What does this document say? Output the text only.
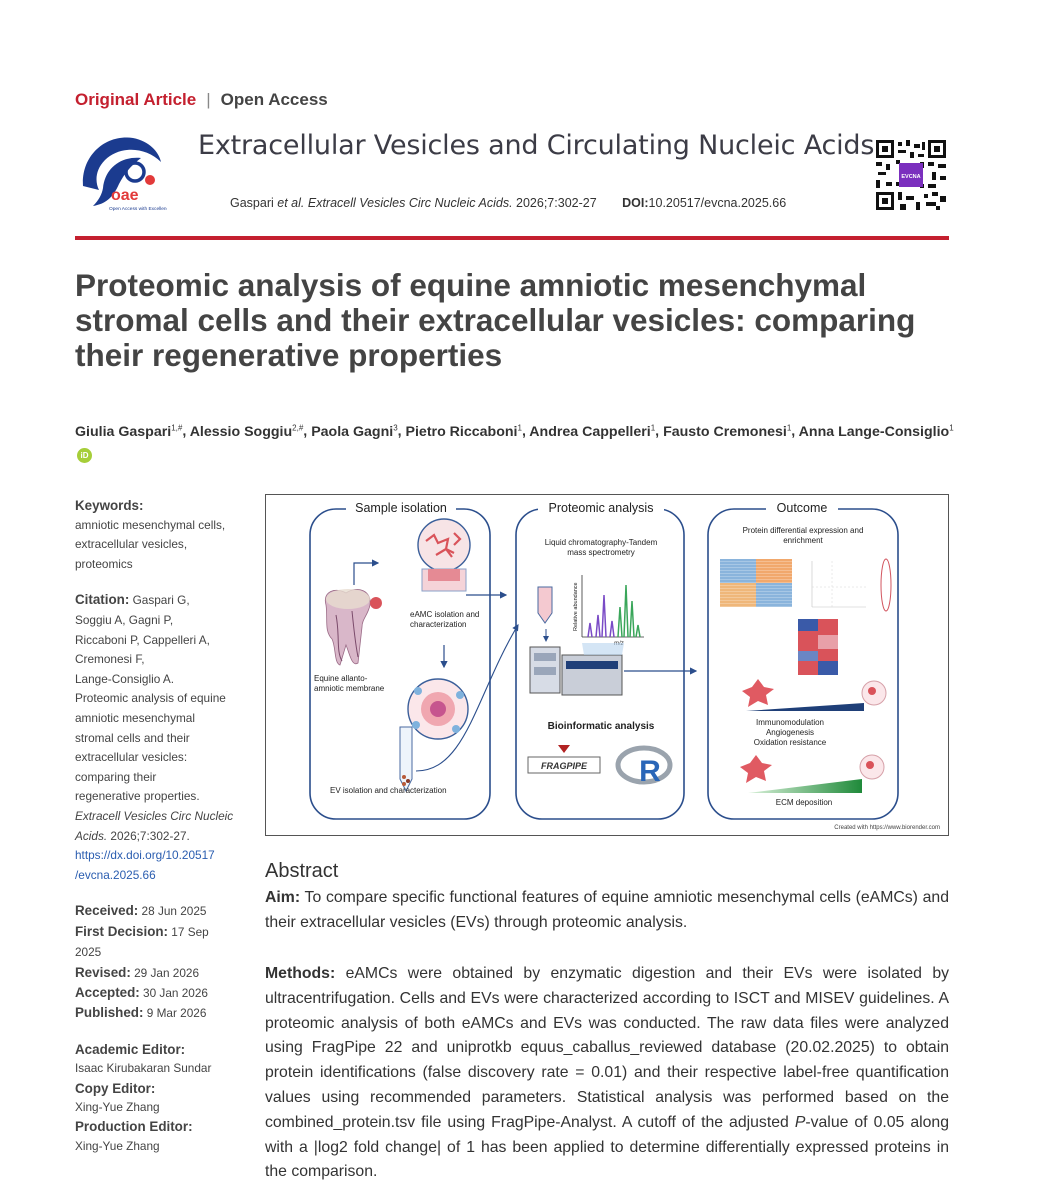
Original Article | Open Access
oae
Open Access with Excellence
Extracellular Vesicles and Circulating Nucleic Acids
Gaspari et al. Extracell Vesicles Circ Nucleic Acids. 2026;7:302-27 DOI:10.20517/evcna.2025.66
EVCNA
Proteomic analysis of equine amniotic mesenchymal stromal cells and their extracellular vesicles: comparing their regenerative properties
Giulia Gaspari$^{1,\#}$, Alessio Soggiu$^{2,\#}$, Paola Gagni$^3$, Pietro Riccaboni$^1$, Andrea Cappelleri$^1$, Fausto Cremonesi$^1$, Anna Lange-Consiglio$^1$ iD
Keywords:
amniotic mesenchymal cells,
extracellular vesicles,
proteomics
Citation: Gaspari G,
Soggiu A, Gagni P,
Riccaboni P, Cappelleri A,
Cremonesi F,
Lange-Consiglio A.
Proteomic analysis of equine
amniotic mesenchymal
stromal cells and their
extracellular vesicles:
comparing their
regenerative properties.
Extracell Vesicles Circ Nucleic
Acids. 2026;7:302-27.
https://dx.doi.org/10.20517
/evcna.2025.66
Received: 28 Jun 2025
First Decision: 17 Sep
2025
Revised: 29 Jan 2026
Accepted: 30 Jan 2026
Published: 9 Mar 2026
Academic Editor:
Isaac Kirubakaran Sundar
Copy Editor:
Xing-Yue Zhang
Production Editor:
Xing-Yue Zhang
Sample isolation	Proteomic analysis	Outcome
Equine allanto-
amniotic membrane
eAMC isolation and
characterization
EV isolation and characterization
Liquid chromatography-Tandem
mass spectrometry
Relative abundance
Bioinformatic analysis
FRAGPIPE R
Protein differential expression and
enrichment
Immunomodulation
Angiogenesis
Oxidation resistance
ECM deposition
Created with https://www.biorender.com
Abstract
Aim: To compare specific functional features of equine amniotic mesenchymal cells (eAMCs) and their extracellular vesicles (EVs) through proteomic analysis.
Methods: eAMCs were obtained by enzymatic digestion and their EVs were isolated by ultracentrifugation. Cells and EVs were characterized according to ISCT and MISEV guidelines. A proteomic analysis of both eAMCs and EVs was conducted. The raw data files were analyzed using FragPipe 22 and uniprotkb equus_caballus_reviewed database (20.02.2025) to obtain protein identifications (false discovery rate = 0.01) and their respective label-free quantification values using recommended parameters. Statistical analysis was performed based on the combined_protein.tsv file using FragPipe-Analyst. A cutoff of the adjusted P-value of 0.05 along with a |log2 fold change| of 1 has been applied to determine differentially expressed proteins in the comparison.
